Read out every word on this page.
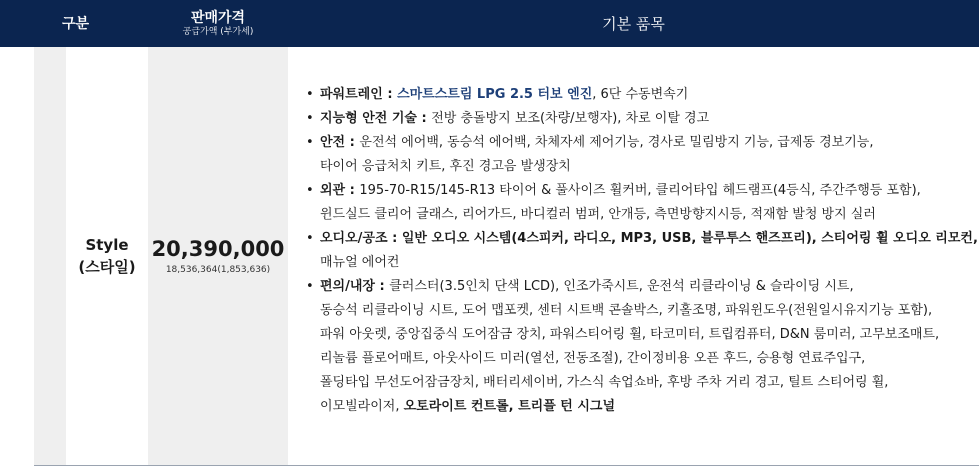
구분	판매가격
공급가액 (부가세)	기본 품목
Style
(스타일)
20,390,000
18,536,364(1,853,636)
• 파워트레인 : 스마트스트림 LPG 2.5 터보 엔진, 6단 수동변속기
• 지능형 안전 기술 : 전방 충돌방지 보조(차량/보행자), 차로 이탈 경고
• 안전 : 운전석 에어백, 동승석 에어백, 차체자세 제어기능, 경사로 밀림방지 기능, 급제동 경보기능,
타이어 응급처치 키트, 후진 경고음 발생장치
• 외관 : 195-70-R15/145-R13 타이어 & 풀사이즈 휠커버, 클리어타입 헤드램프(4등식, 주간주행등 포함),
윈드실드 클리어 글래스, 리어가드, 바디컬러 범퍼, 안개등, 측면방향지시등, 적재함 발청 방지 실러
• 오디오/공조 : 일반 오디오 시스템(4스피커, 라디오, MP3, USB, 블루투스 핸즈프리), 스티어링 휠 오디오 리모컨,
매뉴얼 에어컨
• 편의/내장 : 클러스터(3.5인치 단색 LCD), 인조가죽시트, 운전석 리클라이닝 & 슬라이딩 시트,
동승석 리클라이닝 시트, 도어 맵포켓, 센터 시트백 콘솔박스, 키홀조명, 파워윈도우(전원일시유지기능 포함),
파워 아웃렛, 중앙집중식 도어잠금 장치, 파워스티어링 휠, 타코미터, 트립컴퓨터, D&N 룸미러, 고무보조매트,
리놀륨 플로어매트, 아웃사이드 미러(열선, 전동조절), 간이정비용 오픈 후드, 승용형 연료주입구,
폴딩타입 무선도어잠금장치, 배터리세이버, 가스식 속업쇼바, 후방 주차 거리 경고, 틸트 스티어링 휠,
이모빌라이저, 오토라이트 컨트롤, 트리플 턴 시그널
